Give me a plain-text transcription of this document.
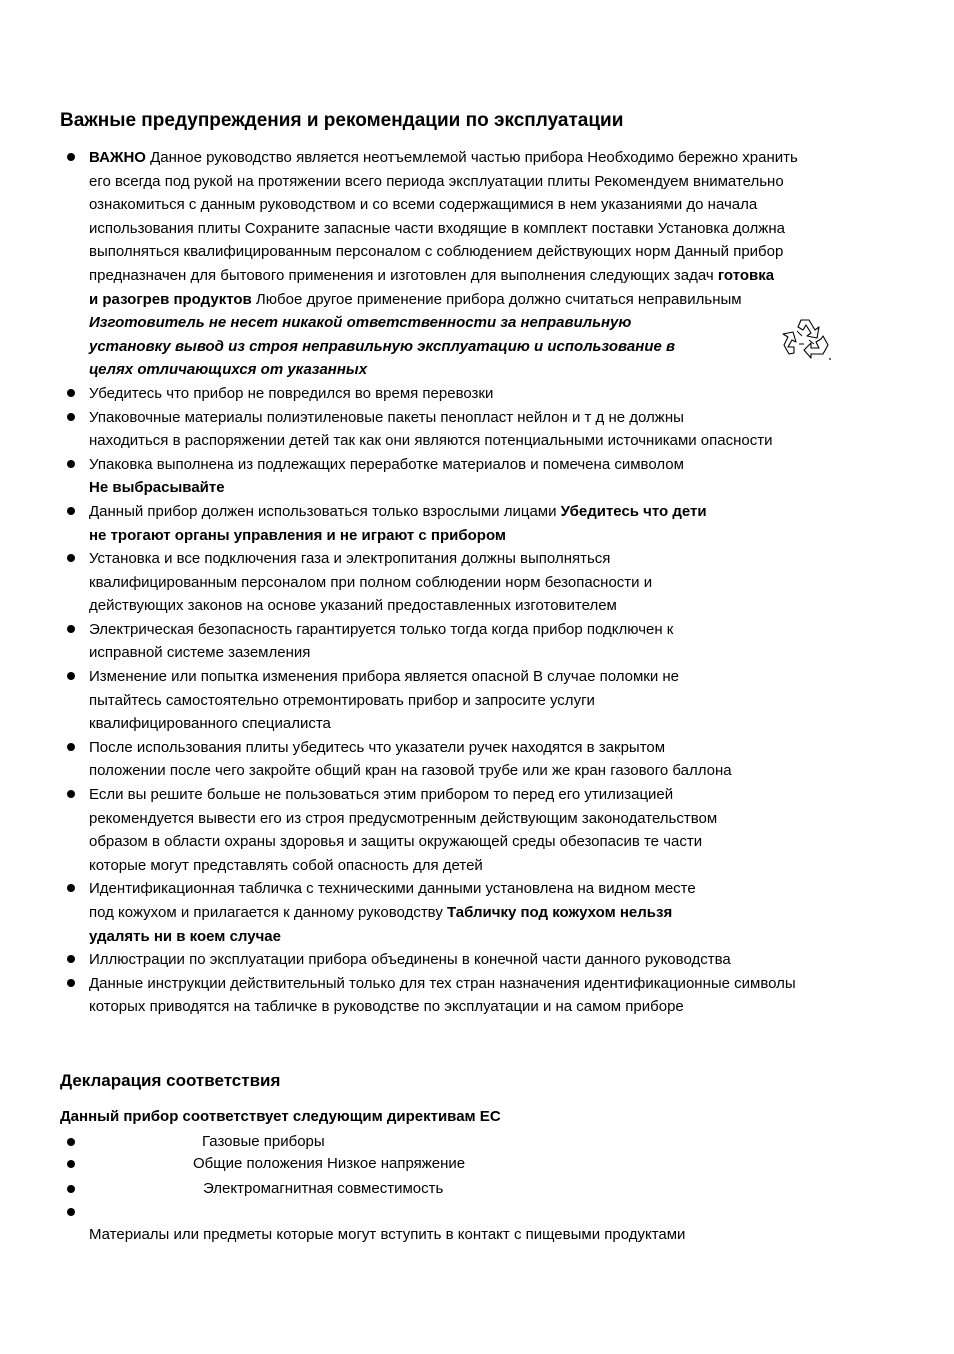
Важные предупреждения и рекомендации по эксплуатации
ВАЖНО Данное руководство является неотъемлемой частью прибора Необходимо бережно хранить
его всегда под рукой на протяжении всего периода эксплуатации плиты Рекомендуем внимательно
ознакомиться с данным руководством и со всеми содержащимися в нем указаниями до начала
использования плиты Сохраните запасные части входящие в комплект поставки Установка должна
выполняться квалифицированным персоналом с соблюдением действующих норм Данный прибор
предназначен для бытового применения и изготовлен для выполнения следующих задач готовка
и разогрев продуктов Любое другое применение прибора должно считаться неправильным
Изготовитель не несет никакой ответственности за неправильную
установку вывод из строя неправильную эксплуатацию и использование в
целях отличающихся от указанных
Убедитесь что прибор не повредился во время перевозки
Упаковочные материалы полиэтиленовые пакеты пенопласт нейлон и т д не должны
находиться в распоряжении детей так как они являются потенциальными источниками опасности
Упаковка выполнена из подлежащих переработке материалов и помечена символом
Не выбрасывайте
Данный прибор должен использоваться только взрослыми лицами Убедитесь что дети
не трогают органы управления и не играют с прибором
Установка и все подключения газа и электропитания должны выполняться
квалифицированным персоналом при полном соблюдении норм безопасности и
действующих законов на основе указаний предоставленных изготовителем
Электрическая безопасность гарантируется только тогда когда прибор подключен к
исправной системе заземления
Изменение или попытка изменения прибора является опасной В случае поломки не
пытайтесь самостоятельно отремонтировать прибор и запросите услуги
квалифицированного специалиста
После использования плиты убедитесь что указатели ручек находятся в закрытом
положении после чего закройте общий кран на газовой трубе или же кран газового баллона
Если вы решите больше не пользоваться этим прибором то перед его утилизацией
рекомендуется вывести его из строя предусмотренным действующим законодательством
образом в области охраны здоровья и защиты окружающей среды обезопасив те части
которые могут представлять собой опасность для детей
Идентификационная табличка с техническими данными установлена на видном месте
под кожухом и прилагается к данному руководству Табличку под кожухом нельзя
удалять ни в коем случае
Иллюстрации по эксплуатации прибора объединены в конечной части данного руководства
Данные инструкции действительный только для тех стран назначения идентификационные символы
которых приводятся на табличке в руководстве по эксплуатации и на самом приборе
Декларация соответствия
Данный прибор соответствует следующим директивам ЕС
Газовые приборы
Общие положения Низкое напряжение
Электромагнитная совместимость
Материалы или предметы которые могут вступить в контакт с пищевыми продуктами
